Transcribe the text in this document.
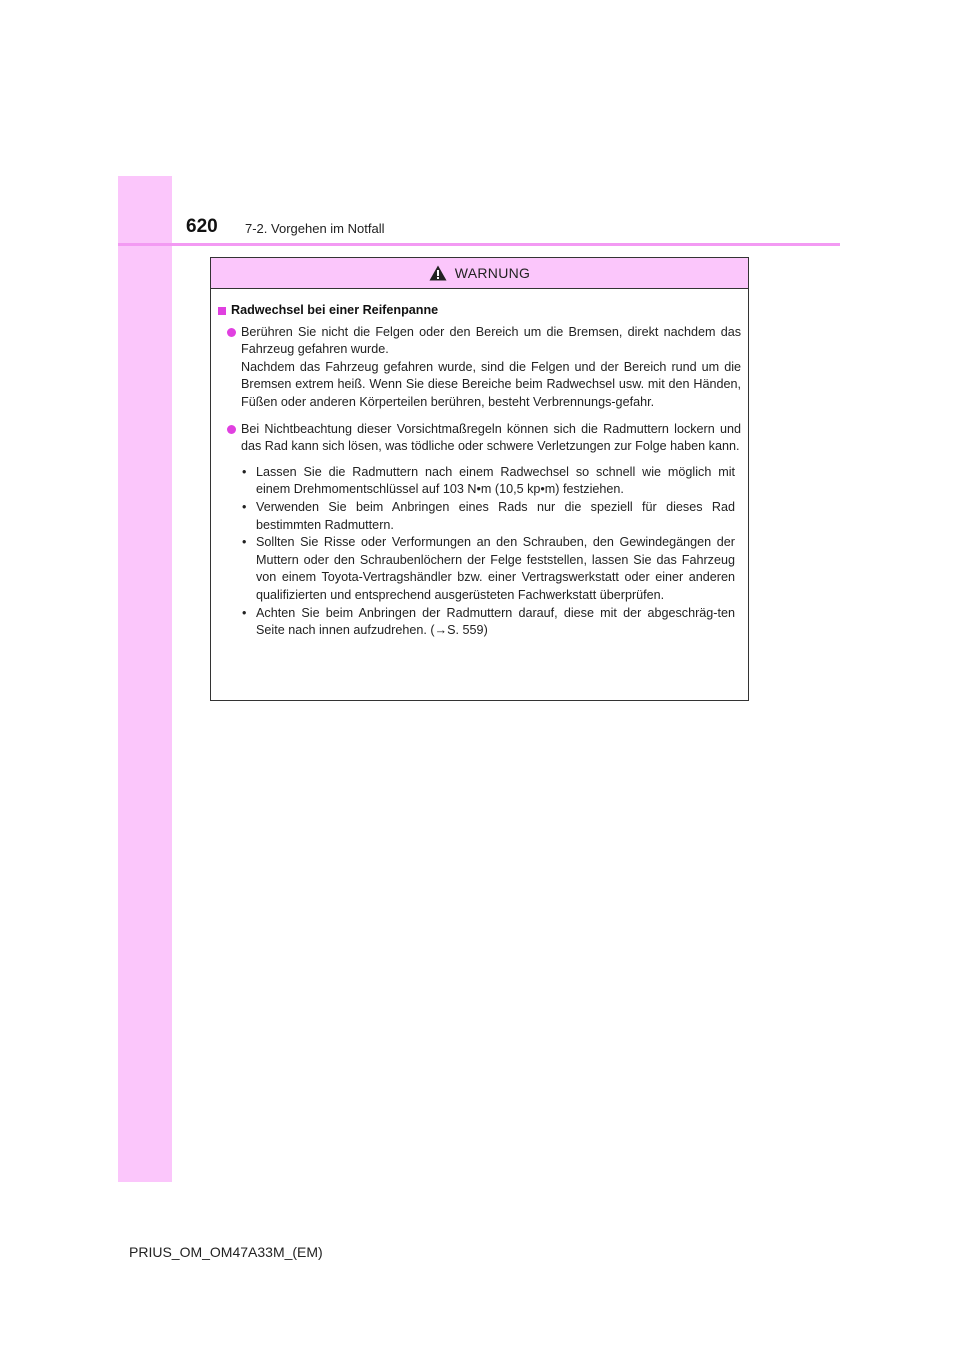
620 7-2. Vorgehen im Notfall
WARNUNG
Radwechsel bei einer Reifenpanne

Berühren Sie nicht die Felgen oder den Bereich um die Bremsen, direkt nachdem das Fahrzeug gefahren wurde.

Nachdem das Fahrzeug gefahren wurde, sind die Felgen und der Bereich rund um die Bremsen extrem heiß. Wenn Sie diese Bereiche beim Radwechsel usw. mit den Händen, Füßen oder anderen Körperteilen berühren, besteht Verbrennungs-gefahr.

Bei Nichtbeachtung dieser Vorsichtmaßregeln können sich die Radmuttern lockern und das Rad kann sich lösen, was tödliche oder schwere Verletzungen zur Folge haben kann.

• Lassen Sie die Radmuttern nach einem Radwechsel so schnell wie möglich mit einem Drehmomentschlüssel auf 103 N•m (10,5 kp•m) festziehen.
• Verwenden Sie beim Anbringen eines Rads nur die speziell für dieses Rad bestimmten Radmuttern.
• Sollten Sie Risse oder Verformungen an den Schrauben, den Gewindegängen der Muttern oder den Schraubenlöchern der Felge feststellen, lassen Sie das Fahrzeug von einem Toyota-Vertragshändler bzw. einer Vertragswerkstatt oder einer anderen qualifizierten und entsprechend ausgerüsteten Fachwerkstatt überprüfen.
• Achten Sie beim Anbringen der Radmuttern darauf, diese mit der abgeschräg-ten Seite nach innen aufzudrehen. (→S. 559)
PRIUS_OM_OM47A33M_(EM)
